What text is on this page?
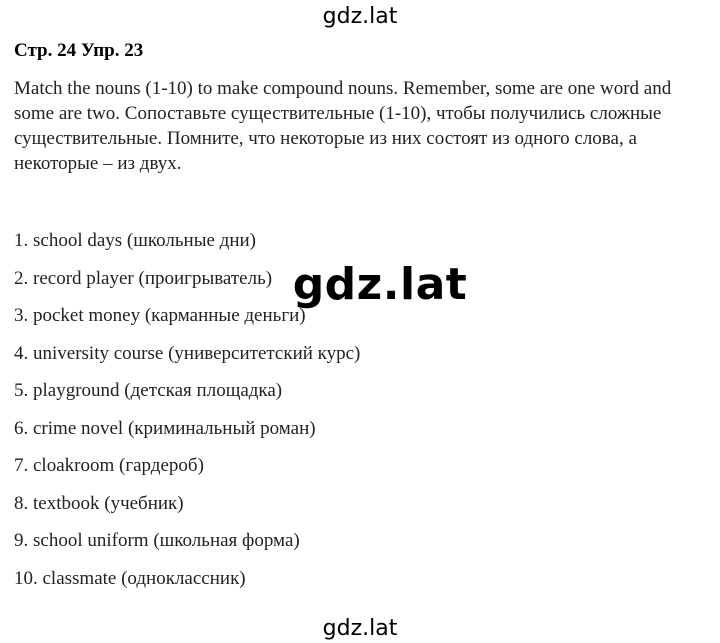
gdz.lat
Стр. 24 Упр. 23

Match the nouns (1-10) to make compound nouns. Remember, some are one word and some are two. Сопоставьте существительные (1-10), чтобы получились сложные существительные. Помните, что некоторые из них состоят из одного слова, а некоторые – из двух.

1. school days (школьные дни)
2. record player (проигрыватель)
3. pocket money (карманные деньги)
4. university course (университетский курс)
5. playground (детская площадка)
6. crime novel (криминальный роман)
7. cloakroom (гардероб)
8. textbook (учебник)
9. school uniform (школьная форма)
10. classmate (одноклассник)
gdz.lat
gdz.lat
